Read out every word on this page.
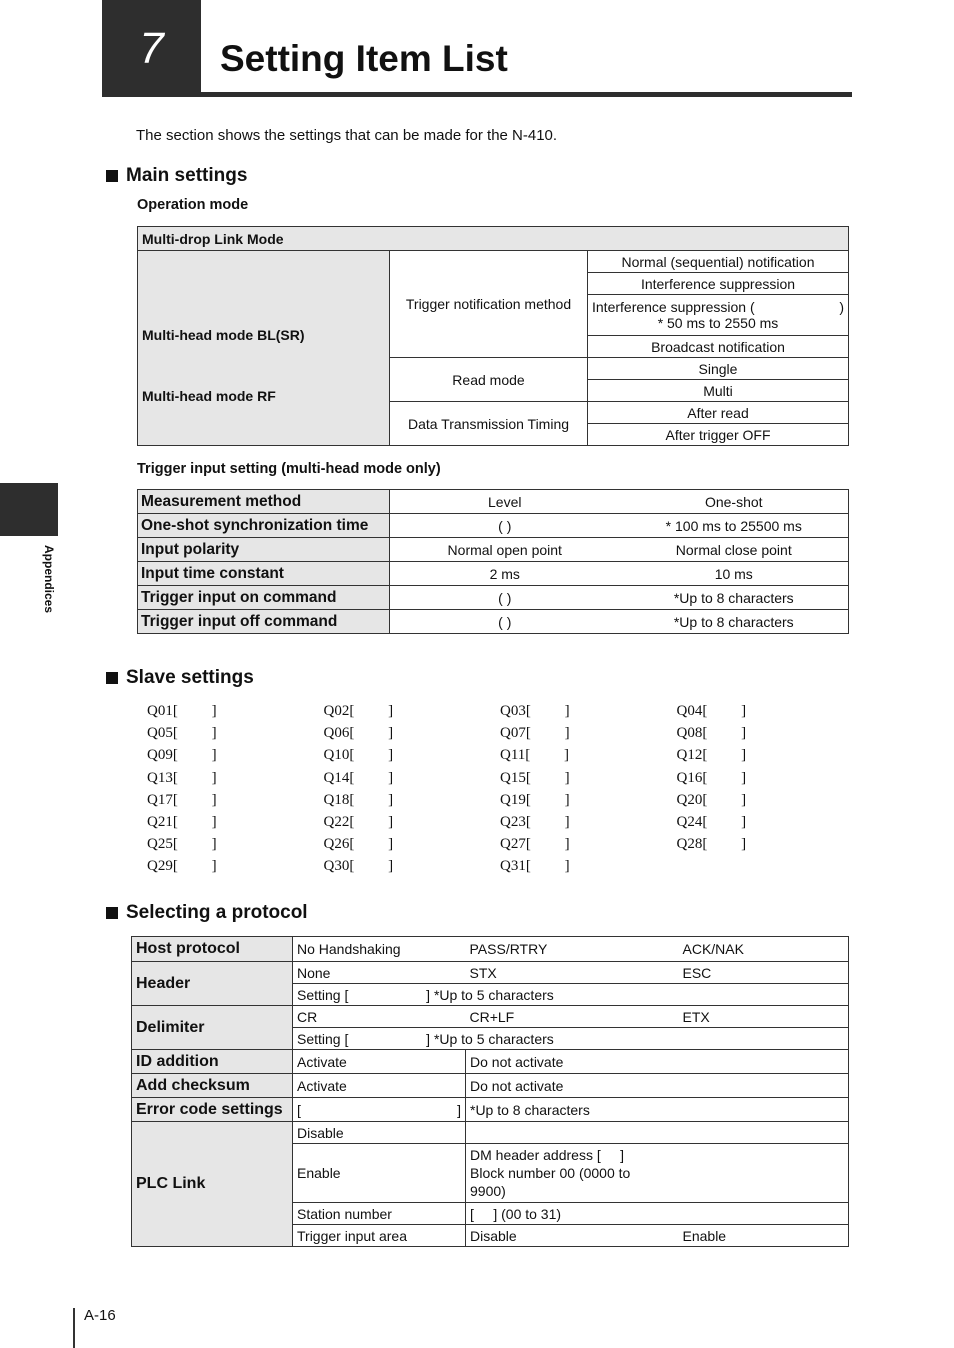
7	Setting Item List
Appendices
The section shows the settings that can be made for the N-410.
Main settings
Operation mode
Multi-drop Link Mode		

Multi-head mode BL(SR)
Multi-head mode RF	Trigger notification method	Normal (sequential) notification
		Interference suppression

		Interference suppression ( )
* 50 ms to 2550 ms

		Broadcast notification
	Read mode	Single
		Multi
	Data Transmission Timing	After read
		After trigger OFF
Trigger input setting (multi-head mode only)
Measurement method	Level	One-shot
One-shot synchronization time	( )	* 100 ms to 25500 ms
Input polarity	Normal open point	Normal close point
Input time constant	2 ms	10 ms
Trigger input on command	( )	*Up to 8 characters
Trigger input off command	( )	*Up to 8 characters
Slave settings
Q01[         ]	Q02[         ]	Q03[         ]	Q04[         ]
Q05[         ]	Q06[         ]	Q07[         ]	Q08[         ]
Q09[         ]	Q10[         ]	Q11[         ]	Q12[         ]
Q13[         ]	Q14[         ]	Q15[         ]	Q16[         ]
Q17[         ]	Q18[         ]	Q19[         ]	Q20[         ]
Q21[         ]	Q22[         ]	Q23[         ]	Q24[         ]
Q25[         ]	Q26[         ]	Q27[         ]	Q28[         ]
Q29[         ]	Q30[         ]	Q31[         ]
Selecting a protocol
Host protocol	No Handshaking	PASS/RTRY	ACK/NAK
Header	None	STX	ESC
	Setting [                    ] *Up to 5 characters		
Delimiter	CR	CR+LF	ETX
	Setting [                    ] *Up to 5 characters		
ID addition	Activate	Do not activate	
Add checksum	Activate	Do not activate	
Error code settings	[ ]	*Up to 8 characters	
PLC Link	Disable		
	Enable	DM header address [     ]
Block number 00 (0000 to
9900)	

	Station number	[     ] (00 to 31)	
	Trigger input area	Disable	Enable
A-16
